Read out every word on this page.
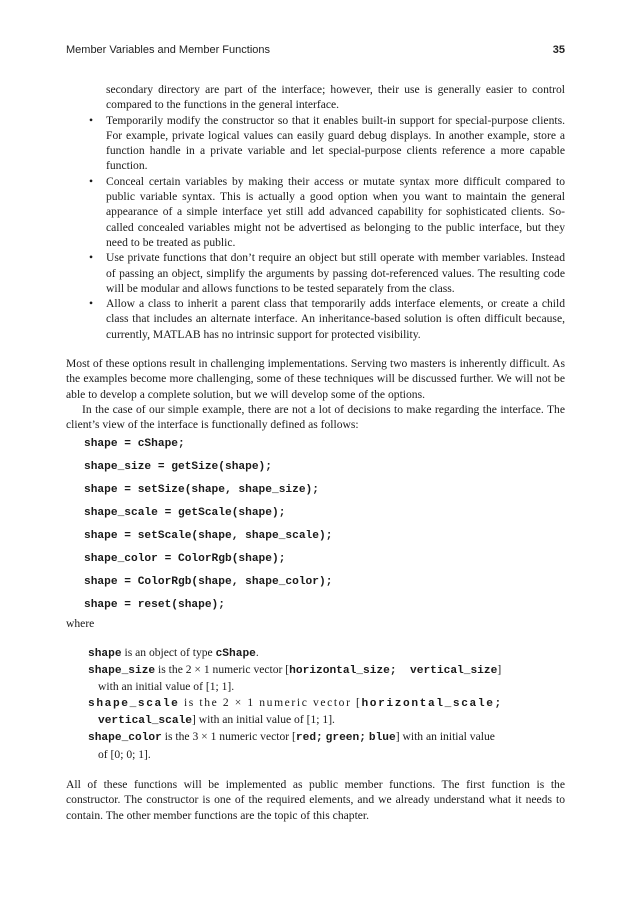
Member Variables and Member Functions	35

secondary directory are part of the interface; however, their use is generally easier to control compared to the functions in the general interface.

• Temporarily modify the constructor so that it enables built-in support for special-purpose clients. For example, private logical values can easily guard debug displays. In another example, store a function handle in a private variable and let special-purpose clients reference a more capable function.
• Conceal certain variables by making their access or mutate syntax more difficult compared to public variable syntax. This is actually a good option when you want to maintain the general appearance of a simple interface yet still add advanced capability for sophisticated clients. So-called concealed variables might not be advertised as belonging to the public interface, but they need to be treated as public.
• Use private functions that don’t require an object but still operate with member variables. Instead of passing an object, simplify the arguments by passing dot-referenced values. The resulting code will be modular and allows functions to be tested separately from the class.
• Allow a class to inherit a parent class that temporarily adds interface elements, or create a child class that includes an alternate interface. An inheritance-based solution is often difficult because, currently, MATLAB has no intrinsic support for protected visibility.

Most of these options result in challenging implementations. Serving two masters is inherently difficult. As the examples become more challenging, some of these techniques will be discussed further. We will not be able to develop a complete solution, but we will develop some of the options.

In the case of our simple example, there are not a lot of decisions to make regarding the interface. The client’s view of the interface is functionally defined as follows:

shape = cShape;
shape_size = getSize(shape);
shape = setSize(shape, shape_size);
shape_scale = getScale(shape);
shape = setScale(shape, shape_scale);
shape_color = ColorRgb(shape);
shape = ColorRgb(shape, shape_color);
shape = reset(shape);

where

shape is an object of type cShape.

shape_size is the 2 × 1 numeric vector [horizontal_size; vertical_size]

with an initial value of [1; 1].

shape_scale is the 2 × 1 numeric vector [horizontal_scale;

vertical_scale] with an initial value of [1; 1].

shape_color is the 3 × 1 numeric vector [red; green; blue] with an initial value

of [0; 0; 1].

All of these functions will be implemented as public member functions. The first function is the constructor. The constructor is one of the required elements, and we already understand what it needs to contain. The other member functions are the topic of this chapter.
